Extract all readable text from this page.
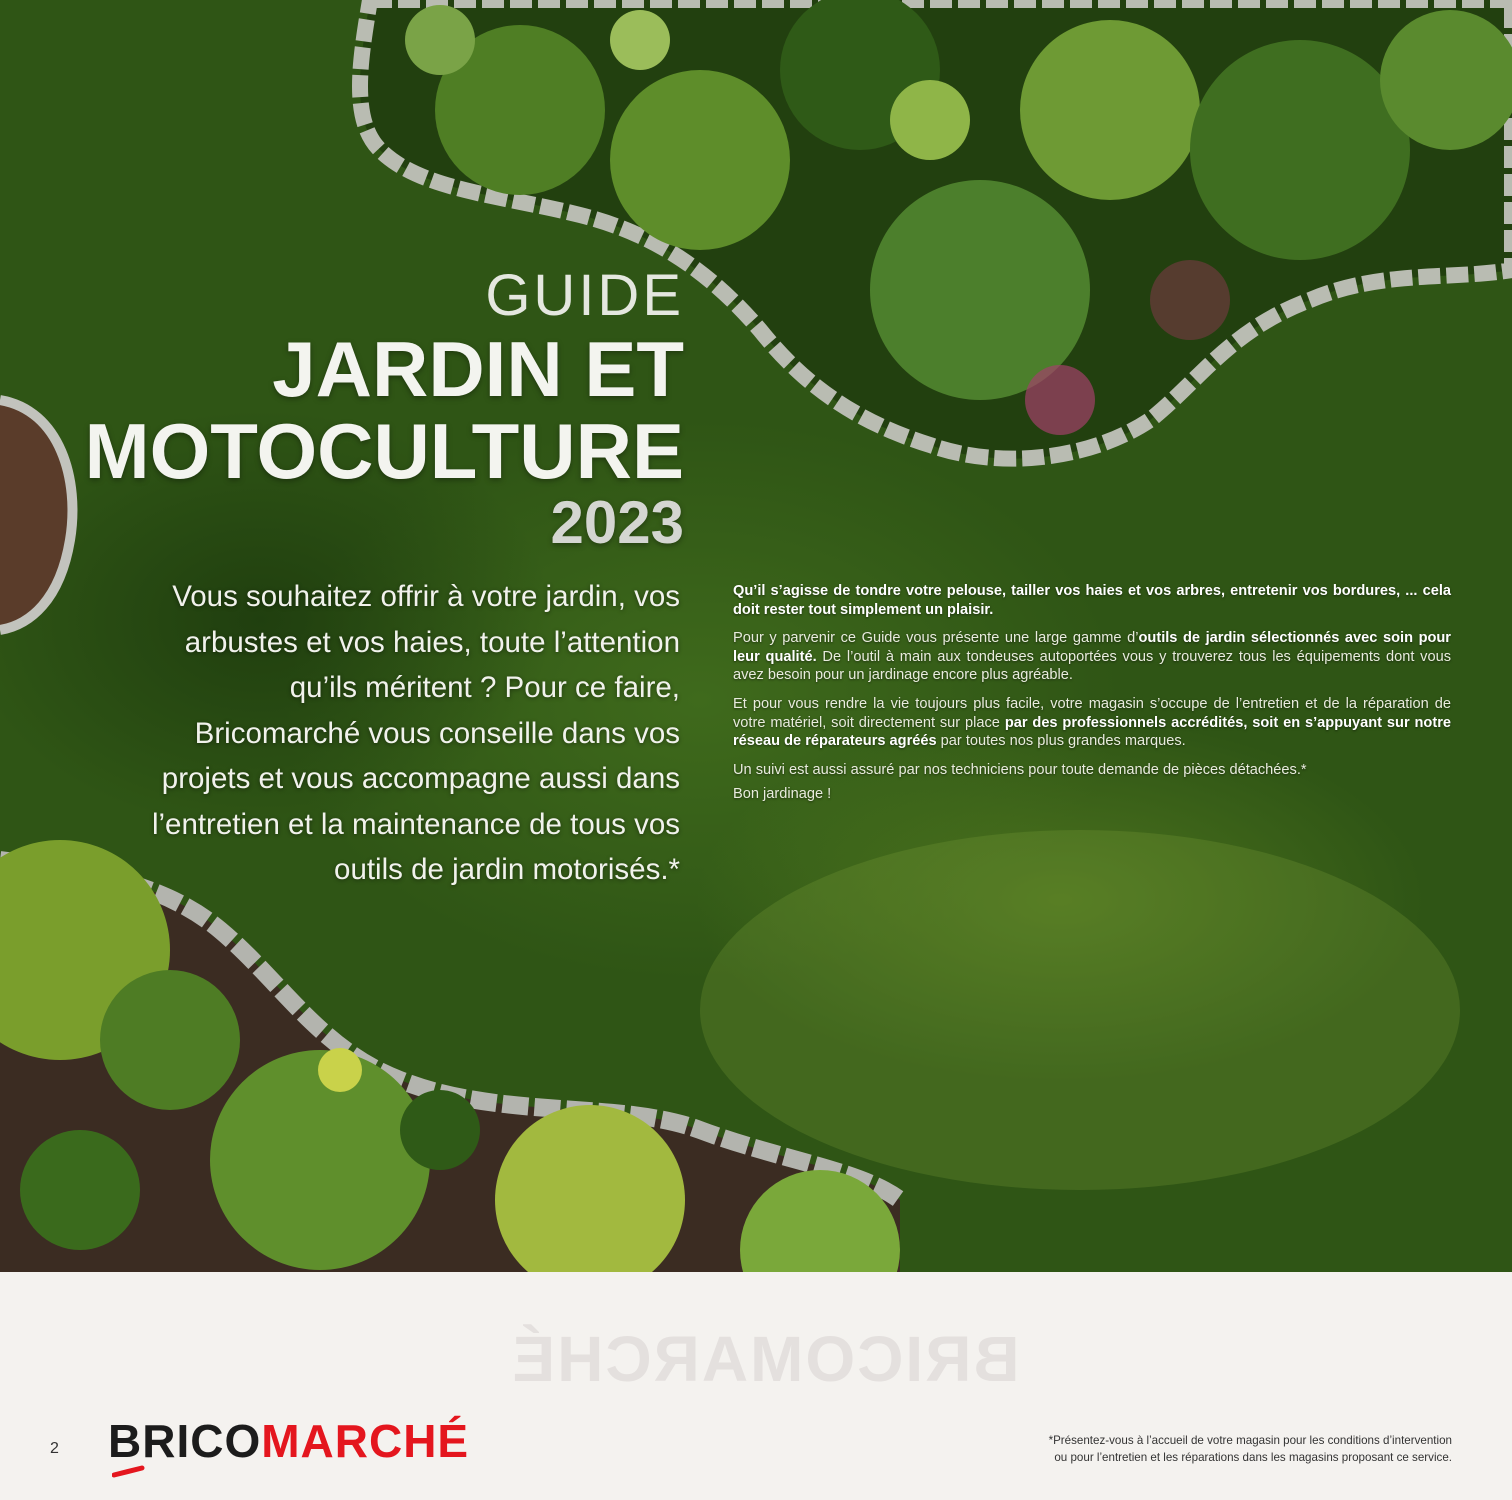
GUIDE
JARDIN ET
MOTOCULTURE
2023
Vous souhaitez offrir à votre jardin, vos arbustes et vos haies, toute l’attention qu’ils méritent ? Pour ce faire, Bricomarché vous conseille dans vos projets et vous accompagne aussi dans l’entretien et la maintenance de tous vos outils de jardin motorisés.*

Qu’il s’agisse de tondre votre pelouse, tailler vos haies et vos arbres, entretenir vos bordures, ... cela doit rester tout simplement un plaisir.

Pour y parvenir ce Guide vous présente une large gamme d’outils de jardin sélectionnés avec soin pour leur qualité. De l’outil à main aux tondeuses autoportées vous y trouverez tous les équipements dont vous avez besoin pour un jardinage encore plus agréable.

Et pour vous rendre la vie toujours plus facile, votre magasin s’occupe de l’entretien et de la réparation de votre matériel, soit directement sur place par des professionnels accrédités, soit en s’appuyant sur notre réseau de réparateurs agréés par toutes nos plus grandes marques.

Un suivi est aussi assuré par nos techniciens pour toute demande de pièces détachées.*

Bon jardinage !

BRICOMARCHÉ
2 BRICOMARCHÉ	*Présentez-vous à l’accueil de votre magasin pour les conditions d’intervention
ou pour l’entretien et les réparations dans les magasins proposant ce service.
